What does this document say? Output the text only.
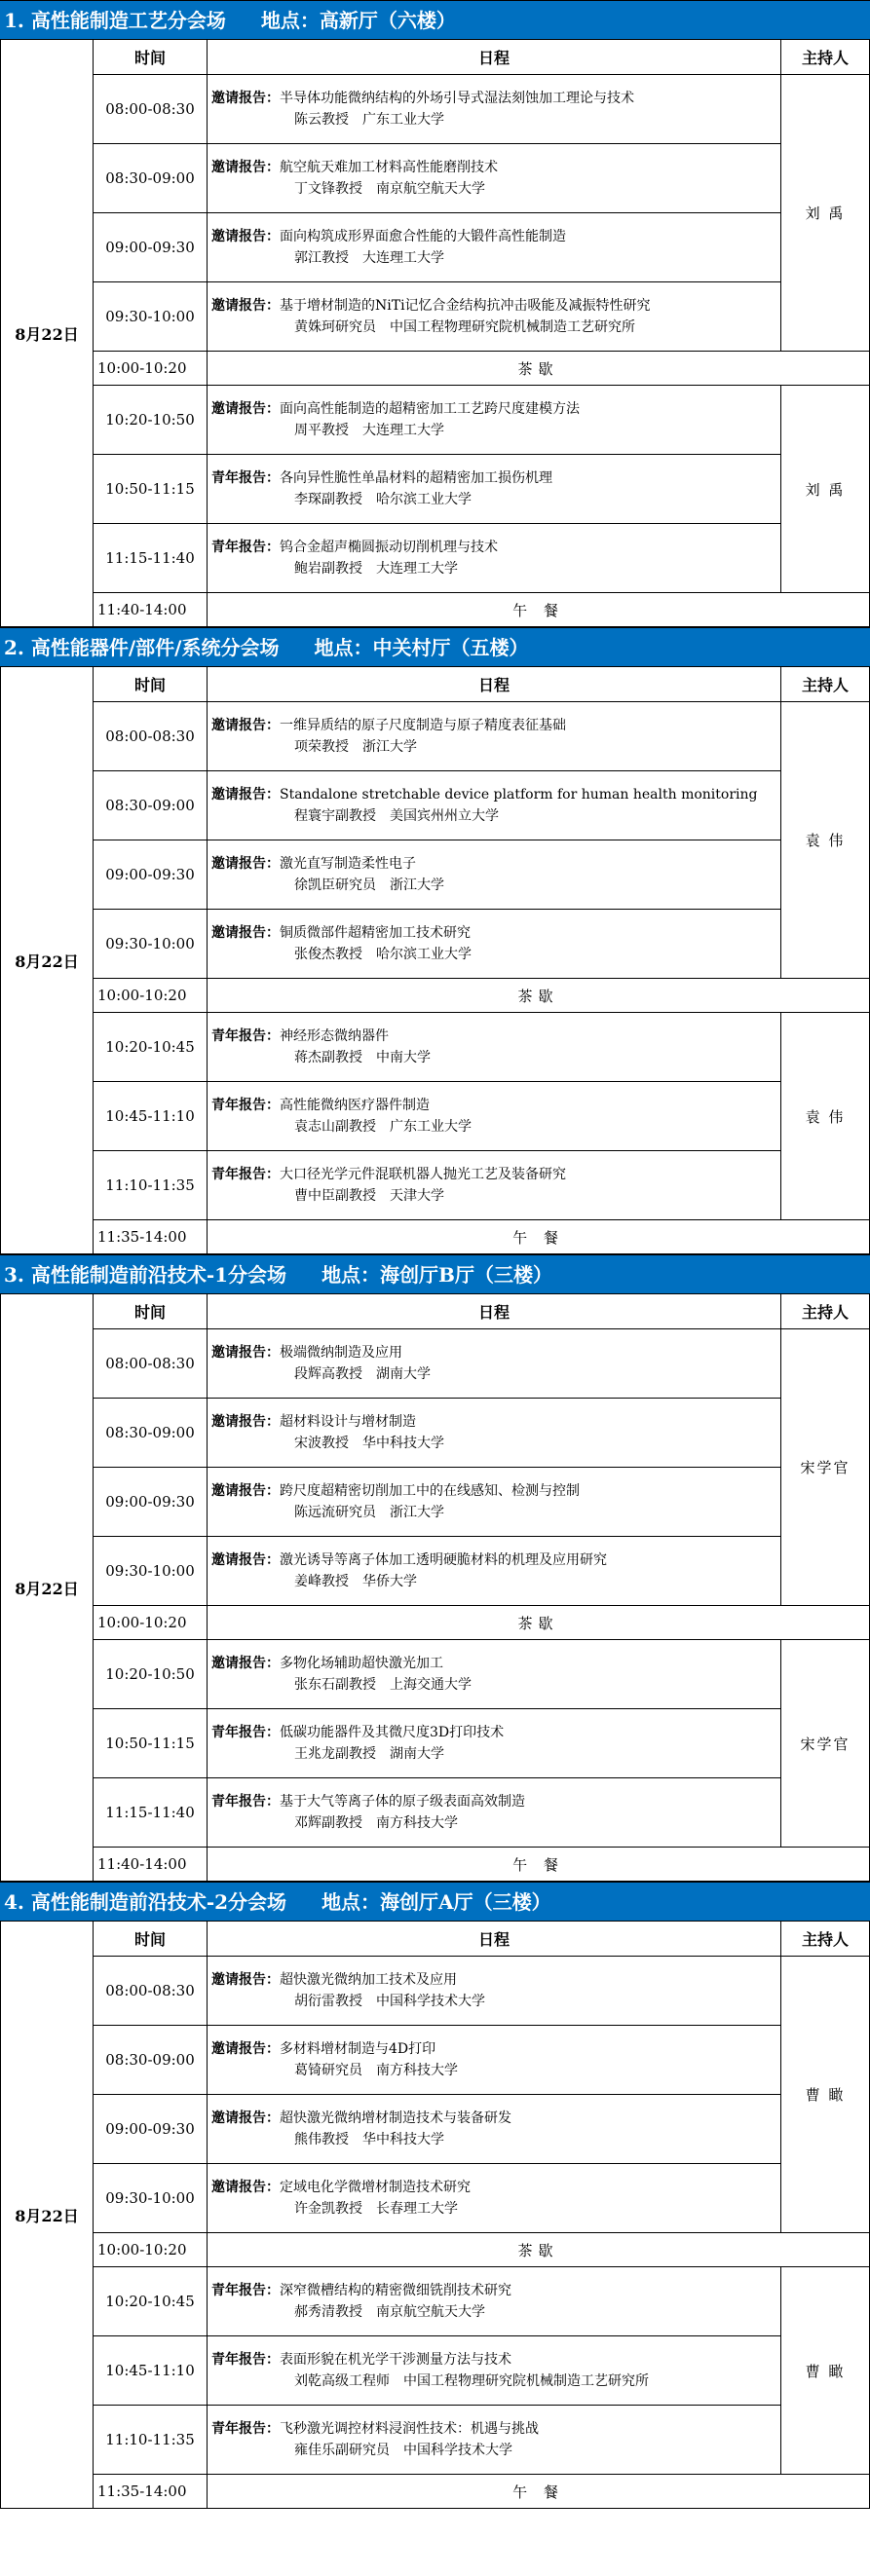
1. 高性能制造工艺分会场 地点：高新厅（六楼）
8月22日	时间	日程	主持人
	08:00-08:30	邀请报告：半导体功能微纳结构的外场引导式湿法刻蚀加工理论与技术
陈云教授　广东工业大学	刘 禹
	08:30-09:00	邀请报告：航空航天难加工材料高性能磨削技术
丁文锋教授　南京航空航天大学	
	09:00-09:30	邀请报告：面向构筑成形界面愈合性能的大锻件高性能制造
郭江教授　大连理工大学	
	09:30-10:00	邀请报告：基于增材制造的NiTi记忆合金结构抗冲击吸能及减振特性研究
黄姝珂研究员　中国工程物理研究院机械制造工艺研究所	
	10:00-10:20	茶歇	
	10:20-10:50	邀请报告：面向高性能制造的超精密加工工艺跨尺度建模方法
周平教授　大连理工大学	刘 禹
	10:50-11:15	青年报告：各向异性脆性单晶材料的超精密加工损伤机理
李琛副教授　哈尔滨工业大学	
	11:15-11:40	青年报告：钨合金超声椭圆振动切削机理与技术
鲍岩副教授　大连理工大学	
	11:40-14:00	午 餐	
2. 高性能器件/部件/系统分会场 地点：中关村厅（五楼）
8月22日	时间	日程	主持人
	08:00-08:30	邀请报告：一维异质结的原子尺度制造与原子精度表征基础
项荣教授　浙江大学	袁 伟
	08:30-09:00	邀请报告：Standalone stretchable device platform for human health monitoring
程寰宇副教授　美国宾州州立大学	
	09:00-09:30	邀请报告：激光直写制造柔性电子
徐凯臣研究员　浙江大学	
	09:30-10:00	邀请报告：铜质微部件超精密加工技术研究
张俊杰教授　哈尔滨工业大学	
	10:00-10:20	茶歇	
	10:20-10:45	青年报告：神经形态微纳器件
蒋杰副教授　中南大学	袁 伟
	10:45-11:10	青年报告：高性能微纳医疗器件制造
袁志山副教授　广东工业大学	
	11:10-11:35	青年报告：大口径光学元件混联机器人抛光工艺及装备研究
曹中臣副教授　天津大学	
	11:35-14:00	午 餐	
3. 高性能制造前沿技术-1分会场 地点：海创厅B厅（三楼）
8月22日	时间	日程	主持人
	08:00-08:30	邀请报告：极端微纳制造及应用
段辉高教授　湖南大学	宋学官
	08:30-09:00	邀请报告：超材料设计与增材制造
宋波教授　华中科技大学	
	09:00-09:30	邀请报告：跨尺度超精密切削加工中的在线感知、检测与控制
陈远流研究员　浙江大学	
	09:30-10:00	邀请报告：激光诱导等离子体加工透明硬脆材料的机理及应用研究
姜峰教授　华侨大学	
	10:00-10:20	茶歇	
	10:20-10:50	邀请报告：多物化场辅助超快激光加工
张东石副教授　上海交通大学	宋学官
	10:50-11:15	青年报告：低碳功能器件及其微尺度3D打印技术
王兆龙副教授　湖南大学	
	11:15-11:40	青年报告：基于大气等离子体的原子级表面高效制造
邓辉副教授　南方科技大学	
	11:40-14:00	午 餐	
4. 高性能制造前沿技术-2分会场 地点：海创厅A厅（三楼）
8月22日	时间	日程	主持人
	08:00-08:30	邀请报告：超快激光微纳加工技术及应用
胡衍雷教授　中国科学技术大学	曹 瞰
	08:30-09:00	邀请报告：多材料增材制造与4D打印
葛锜研究员　南方科技大学	
	09:00-09:30	邀请报告：超快激光微纳增材制造技术与装备研发
熊伟教授　华中科技大学	
	09:30-10:00	邀请报告：定域电化学微增材制造技术研究
许金凯教授　长春理工大学	
	10:00-10:20	茶歇	
	10:20-10:45	青年报告：深窄微槽结构的精密微细铣削技术研究
郝秀清教授　南京航空航天大学	曹 瞰
	10:45-11:10	青年报告：表面形貌在机光学干涉测量方法与技术
刘乾高级工程师　中国工程物理研究院机械制造工艺研究所	
	11:10-11:35	青年报告：飞秒激光调控材料浸润性技术：机遇与挑战
雍佳乐副研究员　中国科学技术大学	
	11:35-14:00	午 餐	
